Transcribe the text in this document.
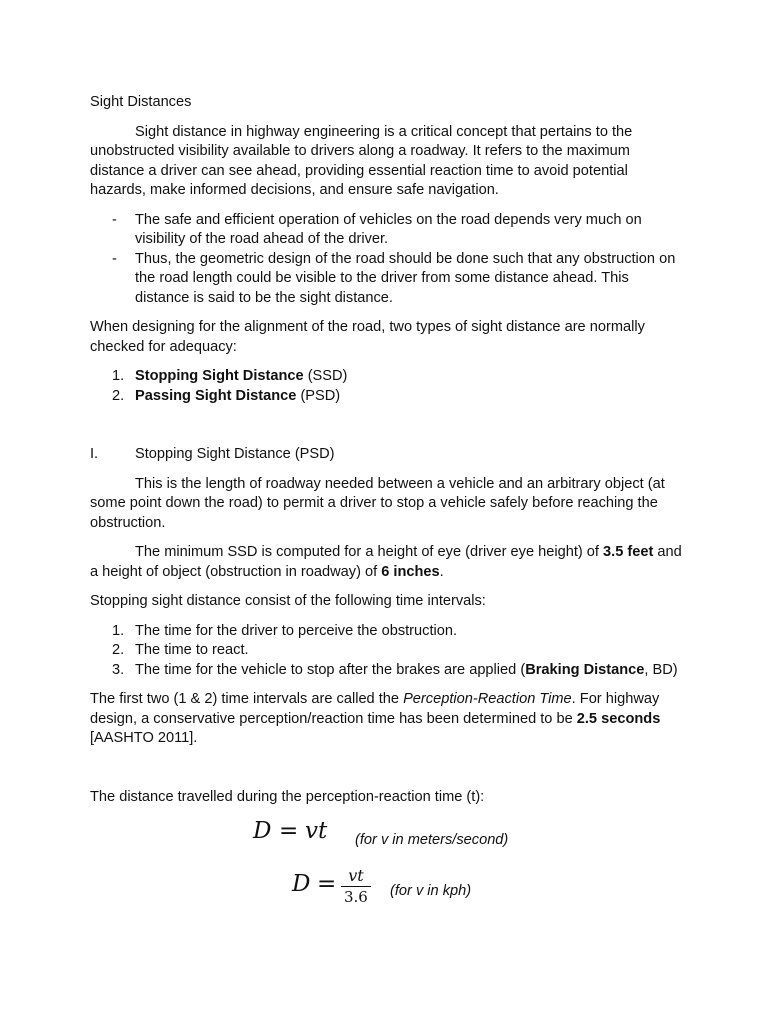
Sight Distances

Sight distance in highway engineering is a critical concept that pertains to the unobstructed visibility available to drivers along a roadway. It refers to the maximum distance a driver can see ahead, providing essential reaction time to avoid potential hazards, make informed decisions, and ensure safe navigation.

-	The safe and efficient operation of vehicles on the road depends very much on visibility of the road ahead of the driver.
-	Thus, the geometric design of the road should be done such that any obstruction on the road length could be visible to the driver from some distance ahead. This distance is said to be the sight distance.

When designing for the alignment of the road, two types of sight distance are normally checked for adequacy:

1. Stopping Sight Distance (SSD)
2. Passing Sight Distance (PSD)

I.	Stopping Sight Distance (PSD)

This is the length of roadway needed between a vehicle and an arbitrary object (at some point down the road) to permit a driver to stop a vehicle safely before reaching the obstruction.

The minimum SSD is computed for a height of eye (driver eye height) of 3.5 feet and a height of object (obstruction in roadway) of 6 inches.

Stopping sight distance consist of the following time intervals:

1. The time for the driver to perceive the obstruction.
2. The time to react.
3. The time for the vehicle to stop after the brakes are applied (Braking Distance, BD)

The first two (1 & 2) time intervals are called the Perception-Reaction Time. For highway design, a conservative perception/reaction time has been determined to be 2.5 seconds [AASHTO 2011].

The distance travelled during the perception-reaction time (t):

D = vt (for v in meters/second)
$D = \frac{vt}{3.6} (for$ v in kph)
